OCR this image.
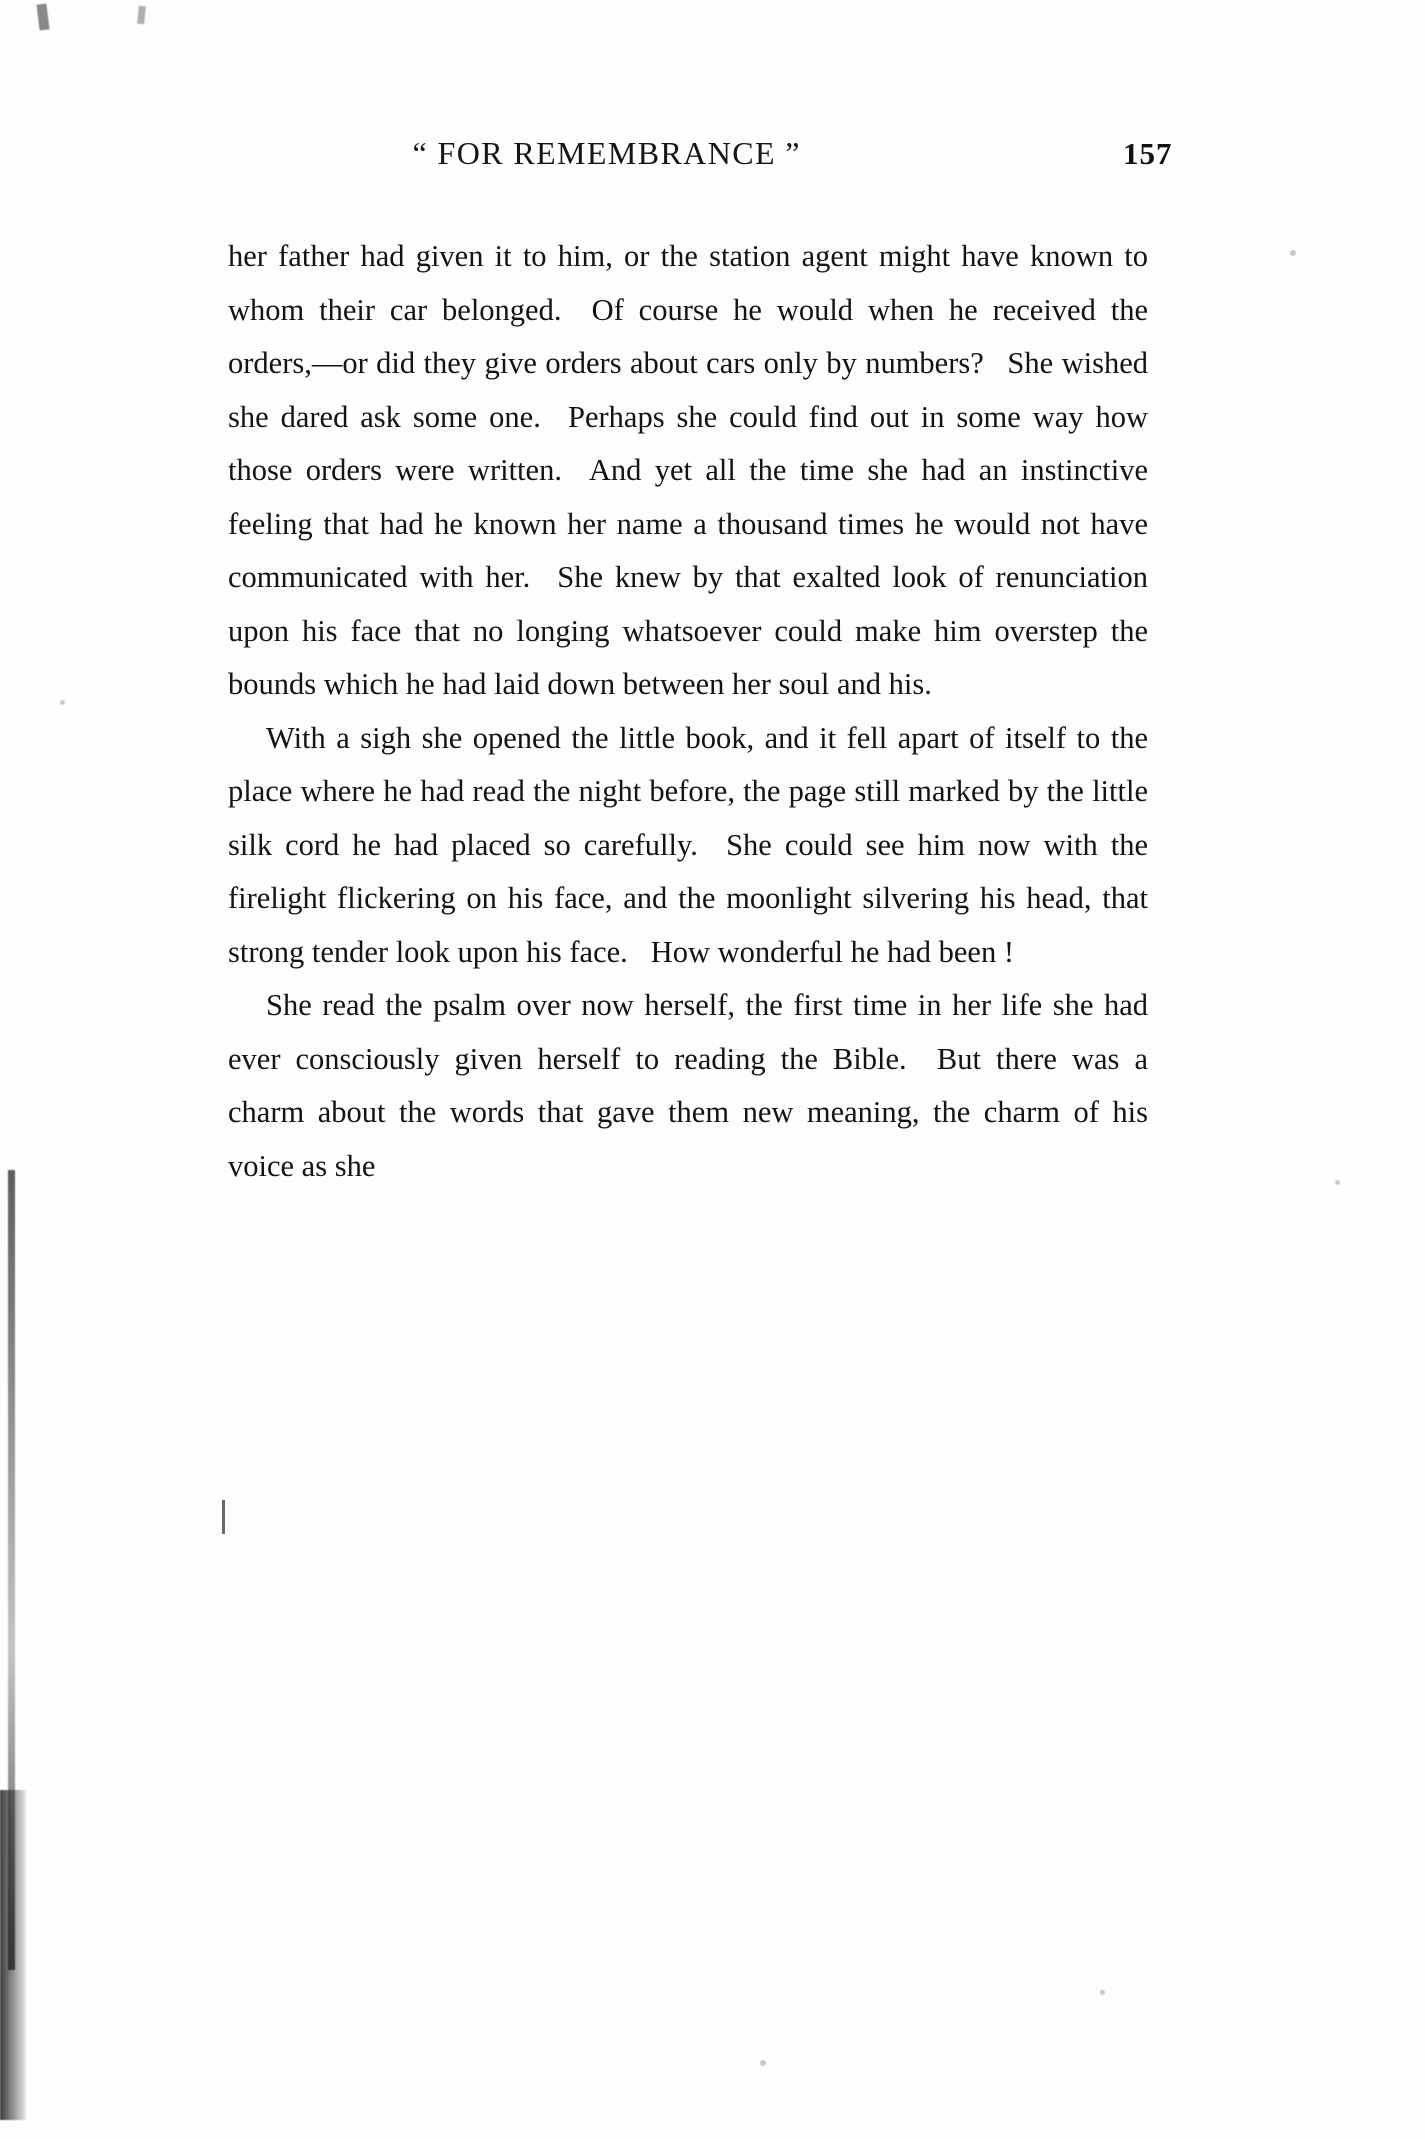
“ FOR REMEMBRANCE ”	157

her father had given it to him, or the station agent might have known to whom their car belonged.  Of course he would when he received the orders,—or did they give orders about cars only by numbers?  She wished she dared ask some one.  Perhaps she could find out in some way how those orders were written.  And yet all the time she had an instinctive feeling that had he known her name a thousand times he would not have communicated with her.  She knew by that exalted look of renunciation upon his face that no longing whatsoever could make him overstep the bounds which he had laid down between her soul and his.

With a sigh she opened the little book, and it fell apart of itself to the place where he had read the night before, the page still marked by the little silk cord he had placed so carefully.  She could see him now with the firelight flickering on his face, and the moonlight silvering his head, that strong tender look upon his face.  How wonderful he had been !

She read the psalm over now herself, the first time in her life she had ever consciously given herself to reading the Bible.  But there was a charm about the words that gave them new meaning, the charm of his voice as she
